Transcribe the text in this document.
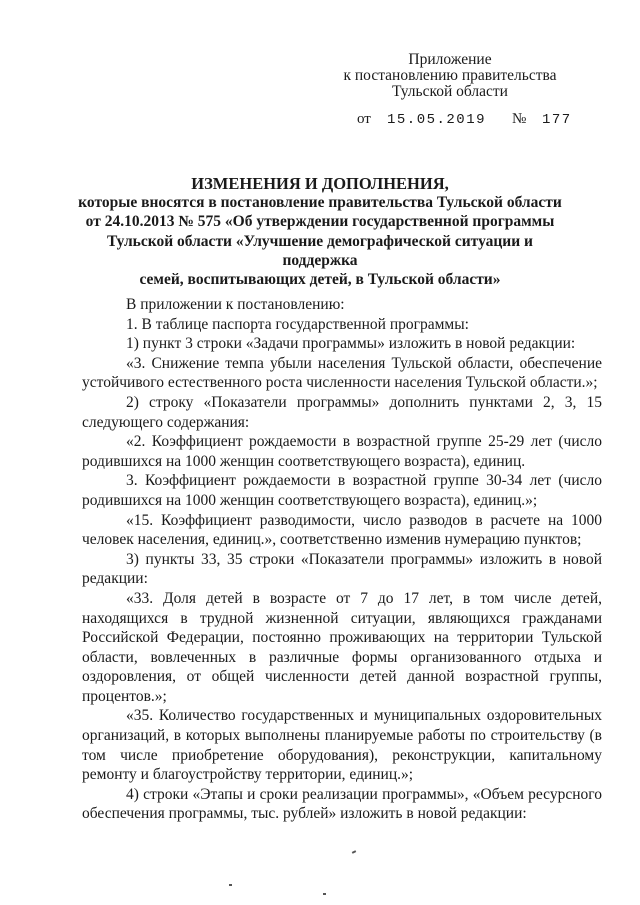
Приложение
к постановлению правительства
Тульской области
от 15.05.2019 № 177
ИЗМЕНЕНИЯ И ДОПОЛНЕНИЯ,
которые вносятся в постановление правительства Тульской области
от 24.10.2013 № 575 «Об утверждении государственной программы
Тульской области «Улучшение демографической ситуации и поддержка
семей, воспитывающих детей, в Тульской области»

В приложении к постановлению:

1. В таблице паспорта государственной программы:

1) пункт 3 строки «Задачи программы» изложить в новой редакции:

«3. Снижение темпа убыли населения Тульской области, обеспечение устойчивого естественного роста численности населения Тульской области.»;

2) строку «Показатели программы» дополнить пунктами 2, 3, 15 следующего содержания:

«2. Коэффициент рождаемости в возрастной группе 25-29 лет (число родившихся на 1000 женщин соответствующего возраста), единиц.

3. Коэффициент рождаемости в возрастной группе 30-34 лет (число родившихся на 1000 женщин соответствующего возраста), единиц.»;

«15. Коэффициент разводимости, число разводов в расчете на 1000 человек населения, единиц.», соответственно изменив нумерацию пунктов;

3) пункты 33, 35 строки «Показатели программы» изложить в новой редакции:

«33. Доля детей в возрасте от 7 до 17 лет, в том числе детей, находящихся в трудной жизненной ситуации, являющихся гражданами Российской Федерации, постоянно проживающих на территории Тульской области, вовлеченных в различные формы организованного отдыха и оздоровления, от общей численности детей данной возрастной группы, процентов.»;

«35. Количество государственных и муниципальных оздоровительных организаций, в которых выполнены планируемые работы по строительству (в том числе приобретение оборудования), реконструкции, капитальному ремонту и благоустройству территории, единиц.»;

4) строки «Этапы и сроки реализации программы», «Объем ресурсного обеспечения программы, тыс. рублей» изложить в новой редакции:
